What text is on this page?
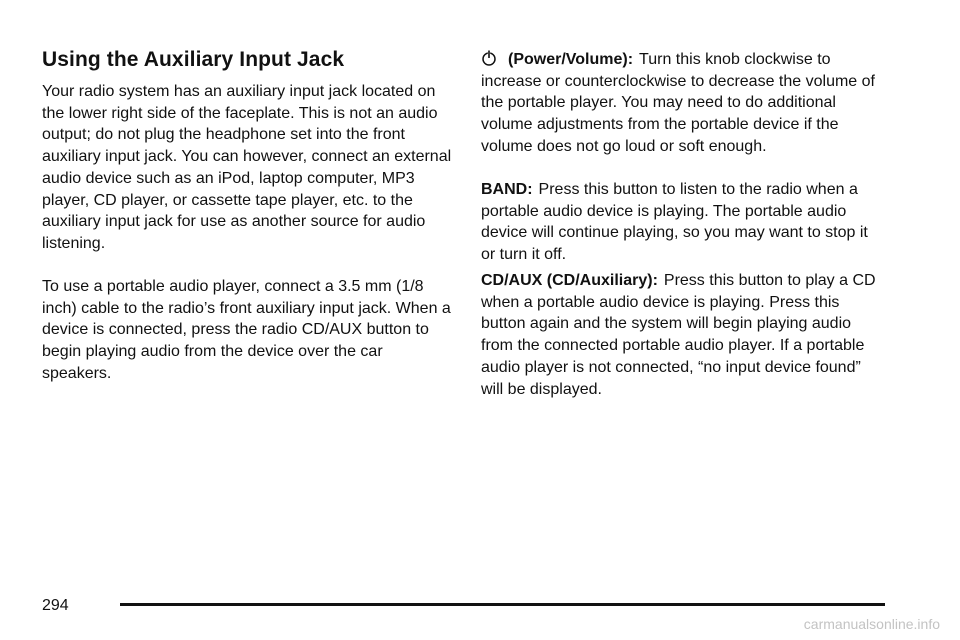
Using the Auxiliary Input Jack

Your radio system has an auxiliary input jack located on the lower right side of the faceplate. This is not an audio output; do not plug the headphone set into the front auxiliary input jack. You can however, connect an external audio device such as an iPod, laptop computer, MP3 player, CD player, or cassette tape player, etc. to the auxiliary input jack for use as another source for audio listening.

To use a portable audio player, connect a 3.5 mm (1/8 inch) cable to the radio’s front auxiliary input jack. When a device is connected, press the radio CD/AUX button to begin playing audio from the device over the car speakers.

(Power/Volume): Turn this knob clockwise to increase or counterclockwise to decrease the volume of the portable player. You may need to do additional volume adjustments from the portable device if the volume does not go loud or soft enough.

BAND: Press this button to listen to the radio when a portable audio device is playing. The portable audio device will continue playing, so you may want to stop it or turn it off.

CD/AUX (CD/Auxiliary): Press this button to play a CD when a portable audio device is playing. Press this button again and the system will begin playing audio from the connected portable audio player. If a portable audio player is not connected, “no input device found” will be displayed.

294
carmanualsonline.info
